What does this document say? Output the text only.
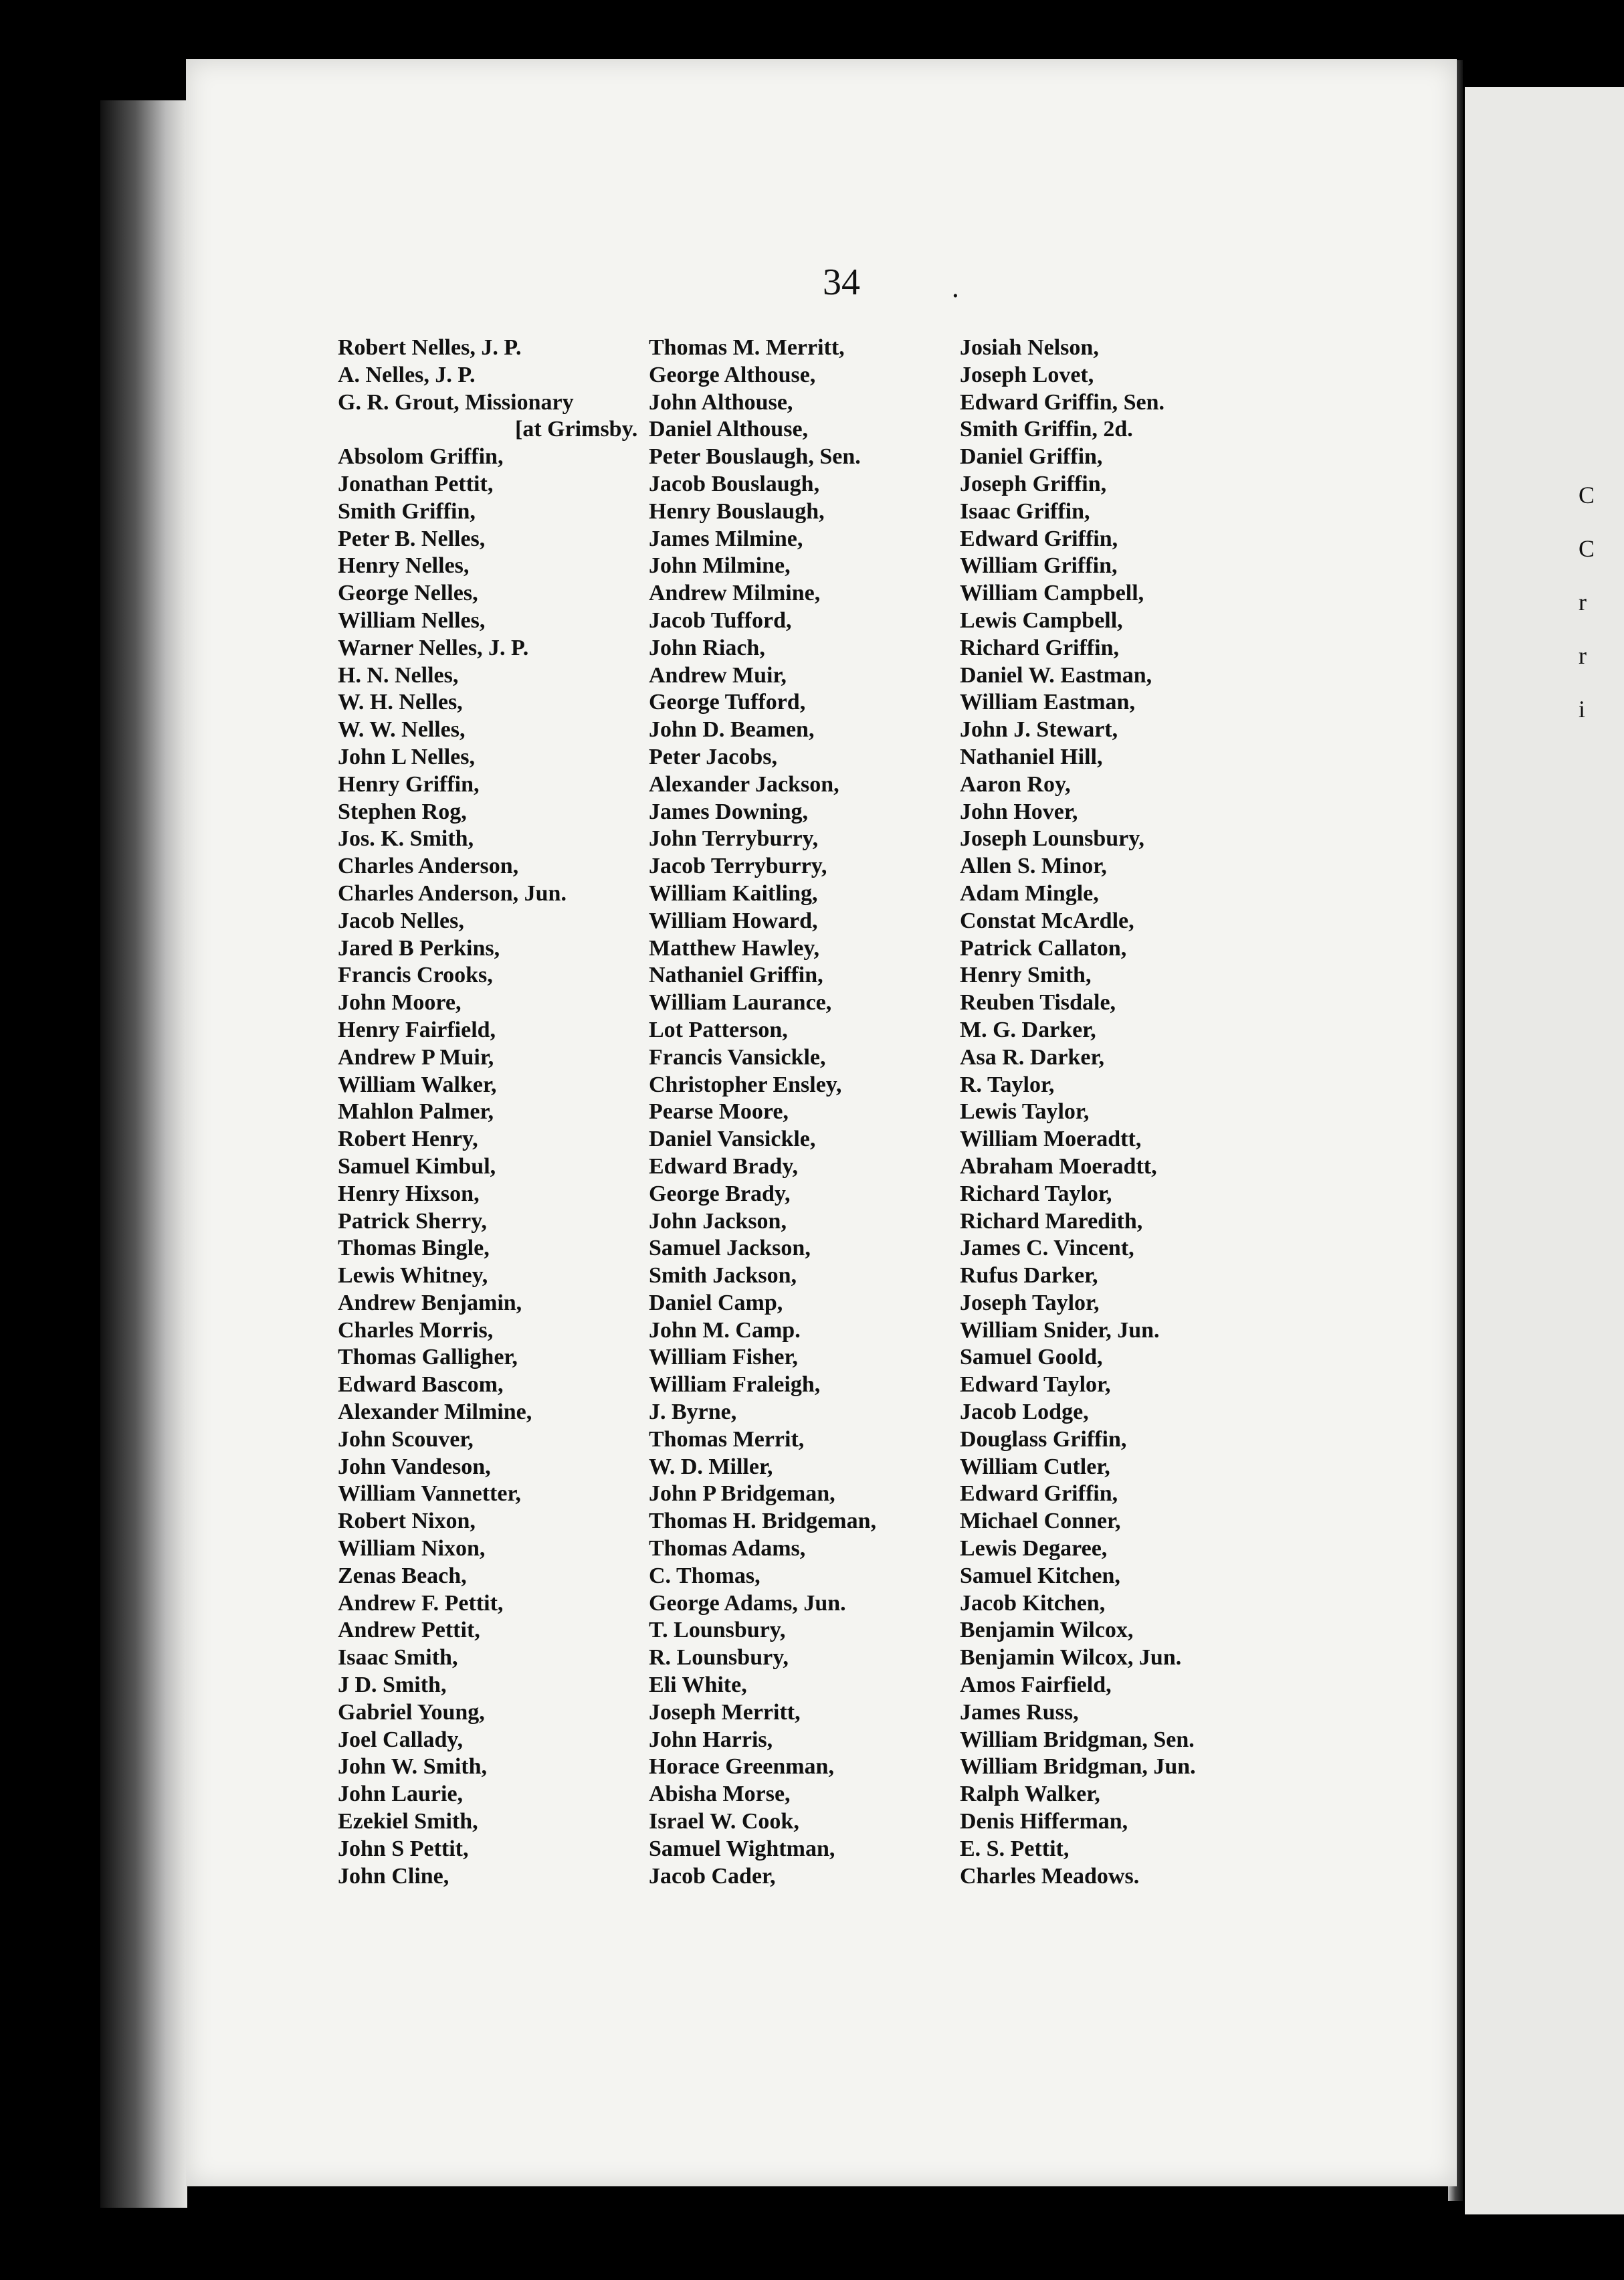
C
C
r
r
i
34	.
Robert Nelles, J. P.
A. Nelles, J. P.
G. R. Grout, Missionary
[at Grimsby.
Absolom Griffin,
Jonathan Pettit,
Smith Griffin,
Peter B. Nelles,
Henry Nelles,
George Nelles,
William Nelles,
Warner Nelles, J. P.
H. N. Nelles,
W. H. Nelles,
W. W. Nelles,
John L Nelles,
Henry Griffin,
Stephen Rog,
Jos. K. Smith,
Charles Anderson,
Charles Anderson, Jun.
Jacob Nelles,
Jared B Perkins,
Francis Crooks,
John Moore,
Henry Fairfield,
Andrew P Muir,
William Walker,
Mahlon Palmer,
Robert Henry,
Samuel Kimbul,
Henry Hixson,
Patrick Sherry,
Thomas Bingle,
Lewis Whitney,
Andrew Benjamin,
Charles Morris,
Thomas Galligher,
Edward Bascom,
Alexander Milmine,
John Scouver,
John Vandeson,
William Vannetter,
Robert Nixon,
William Nixon,
Zenas Beach,
Andrew F. Pettit,
Andrew Pettit,
Isaac Smith,
J D. Smith,
Gabriel Young,
Joel Callady,
John W. Smith,
John Laurie,
Ezekiel Smith,
John S Pettit,
John Cline,
Thomas M. Merritt,
George Althouse,
John Althouse,
Daniel Althouse,
Peter Bouslaugh, Sen.
Jacob Bouslaugh,
Henry Bouslaugh,
James Milmine,
John Milmine,
Andrew Milmine,
Jacob Tufford,
John Riach,
Andrew Muir,
George Tufford,
John D. Beamen,
Peter Jacobs,
Alexander Jackson,
James Downing,
John Terryburry,
Jacob Terryburry,
William Kaitling,
William Howard,
Matthew Hawley,
Nathaniel Griffin,
William Laurance,
Lot Patterson,
Francis Vansickle,
Christopher Ensley,
Pearse Moore,
Daniel Vansickle,
Edward Brady,
George Brady,
John Jackson,
Samuel Jackson,
Smith Jackson,
Daniel Camp,
John M. Camp.
William Fisher,
William Fraleigh,
J. Byrne,
Thomas Merrit,
W. D. Miller,
John P Bridgeman,
Thomas H. Bridgeman,
Thomas Adams,
C. Thomas,
George Adams, Jun.
T. Lounsbury,
R. Lounsbury,
Eli White,
Joseph Merritt,
John Harris,
Horace Greenman,
Abisha Morse,
Israel W. Cook,
Samuel Wightman,
Jacob Cader,
Josiah Nelson,
Joseph Lovet,
Edward Griffin, Sen.
Smith Griffin, 2d.
Daniel Griffin,
Joseph Griffin,
Isaac Griffin,
Edward Griffin,
William Griffin,
William Campbell,
Lewis Campbell,
Richard Griffin,
Daniel W. Eastman,
William Eastman,
John J. Stewart,
Nathaniel Hill,
Aaron Roy,
John Hover,
Joseph Lounsbury,
Allen S. Minor,
Adam Mingle,
Constat McArdle,
Patrick Callaton,
Henry Smith,
Reuben Tisdale,
M. G. Darker,
Asa R. Darker,
R. Taylor,
Lewis Taylor,
William Moeradtt,
Abraham Moeradtt,
Richard Taylor,
Richard Maredith,
James C. Vincent,
Rufus Darker,
Joseph Taylor,
William Snider, Jun.
Samuel Goold,
Edward Taylor,
Jacob Lodge,
Douglass Griffin,
William Cutler,
Edward Griffin,
Michael Conner,
Lewis Degaree,
Samuel Kitchen,
Jacob Kitchen,
Benjamin Wilcox,
Benjamin Wilcox, Jun.
Amos Fairfield,
James Russ,
William Bridgman, Sen.
William Bridgman, Jun.
Ralph Walker,
Denis Hifferman,
E. S. Pettit,
Charles Meadows.
